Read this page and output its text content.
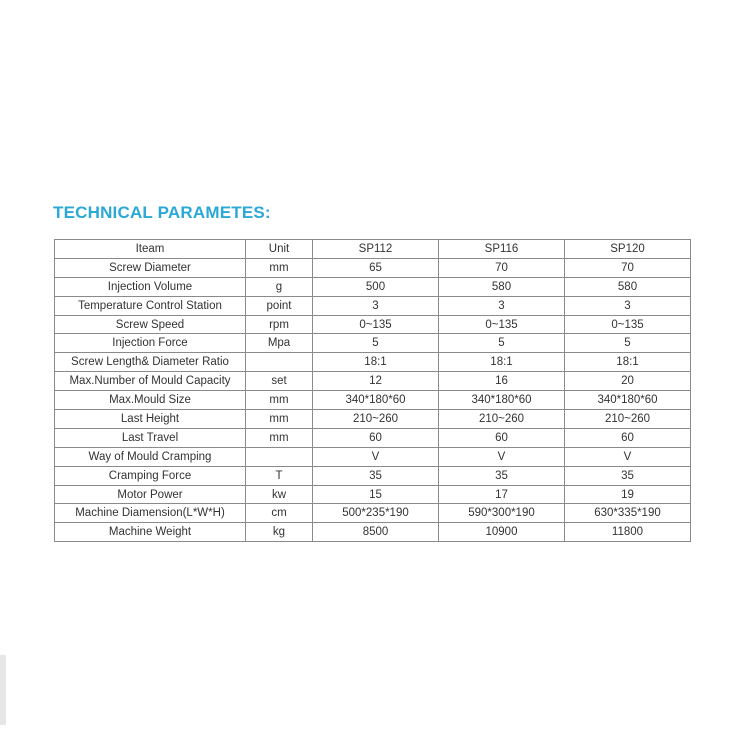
TECHNICAL PARAMETES:
Iteam	Unit	SP112	SP116	SP120
Screw Diameter	mm	65	70	70
Injection Volume	g	500	580	580
Temperature Control Station	point	3	3	3
Screw Speed	rpm	0~135	0~135	0~135
Injection Force	Mpa	5	5	5
Screw Length& Diameter Ratio		18:1	18:1	18:1
Max.Number of Mould Capacity	set	12	16	20
Max.Mould Size	mm	340*180*60	340*180*60	340*180*60
Last Height	mm	210~260	210~260	210~260
Last Travel	mm	60	60	60
Way of Mould Cramping		V	V	V
Cramping Force	T	35	35	35
Motor Power	kw	15	17	19
Machine Diamension(L*W*H)	cm	500*235*190	590*300*190	630*335*190
Machine Weight	kg	8500	10900	11800
